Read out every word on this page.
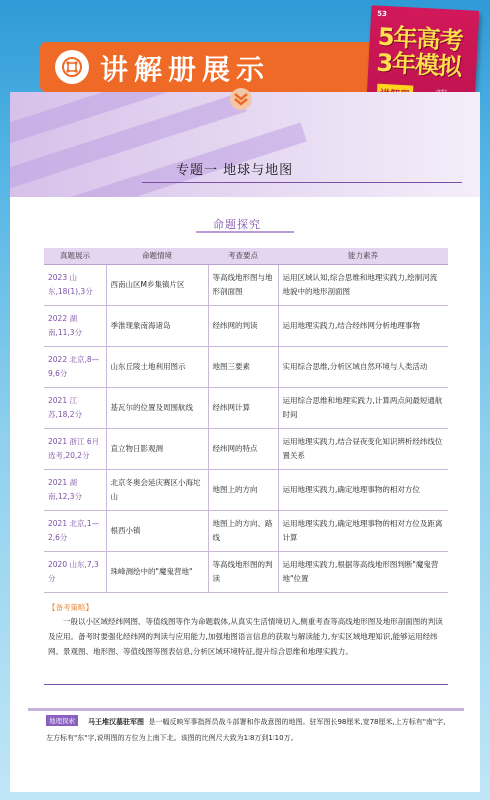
讲解册展示
53
5年高考
3年模拟
专题一 地球与地图
命题探究
真题展示	命题情境	考查要点	能力素养
2023 山东,18(1),3分	西南山区M乡集镇片区	等高线地形图与地形剖面图	运用区域认知,综合思维和地理实践力,绘制河流地貌中的地形剖面图
2022 湖南,11,3分	季淮现象南海诸岛	经纬网的判读	运用地理实践力,结合经纬网分析地理事物
2022 北京,8—9,6分	山东丘陵土地利用图示	地图三要素	实用综合思维,分析区域自然环境与人类活动
2021 江苏,18,2分	基瓦尔的位置及周围航线	经纬网计算	运用综合思维和地理实践力,计算两点间最短通航时间
2021 浙江 6月选考,20,2分	直立物日影观测	经纬网的特点	运用地理实践力,结合昼夜变化知识辨析经纬线位置关系
2021 湖南,12,3分	北京冬奥会延庆赛区小海坨山	地图上的方向	运用地理实践力,确定地理事物的相对方位
2021 北京,1—2,6分	根西小镇	地图上的方向、路线	运用地理实践力,确定地理事物的相对方位及距离计算
2020 山东,7,3分	珠峰测绘中的"魔鬼营地"	等高线地形图的判读	运用地理实践力,根据等高线地形图判断"魔鬼营地"位置
【备考策略】

一般以小区域经纬网图、等值线图等作为命题载体,从真实生活情境切入,侧重考查等高线地形图及地形剖面图的判读及应用。备考时要强化经纬网的判读与应用能力,加强地图语言信息的获取与解读能力,夯实区域地理知识,能够运用经纬网、景观图、地形图、等值线图等图表信息,分析区域环境特征,提升综合思维和地理实践力。

地理探索	马王堆汉墓驻军图 是一幅反映军事指挥员战斗部署和作战意图的地图。驻军图长98厘米,宽78厘米,上方标有"南"字,左方标有"东"字,说明图的方位为上南下北。该图的比例尺大致为1∶8万到1∶10万。
